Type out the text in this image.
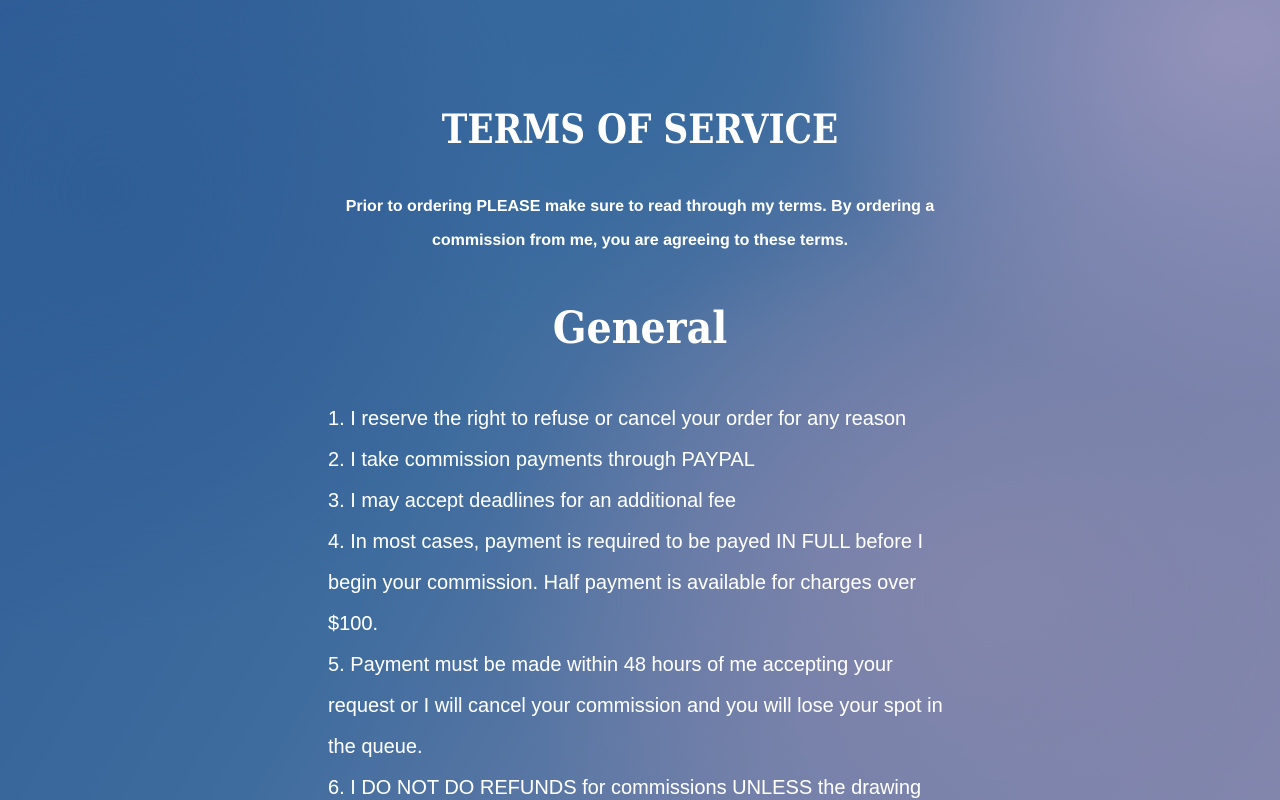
TERMS OF SERVICE

Prior to ordering PLEASE make sure to read through my terms. By ordering a commission from me, you are agreeing to these terms.

General
1. I reserve the right to refuse or cancel your order for any reason
2. I take commission payments through PAYPAL
3. I may accept deadlines for an additional fee
4. In most cases, payment is required to be payed IN FULL before I begin your commission. Half payment is available for charges over $100.
5. Payment must be made within 48 hours of me accepting your request or I will cancel your commission and you will lose your spot in the queue.
6. I DO NOT DO REFUNDS for commissions UNLESS the drawing
